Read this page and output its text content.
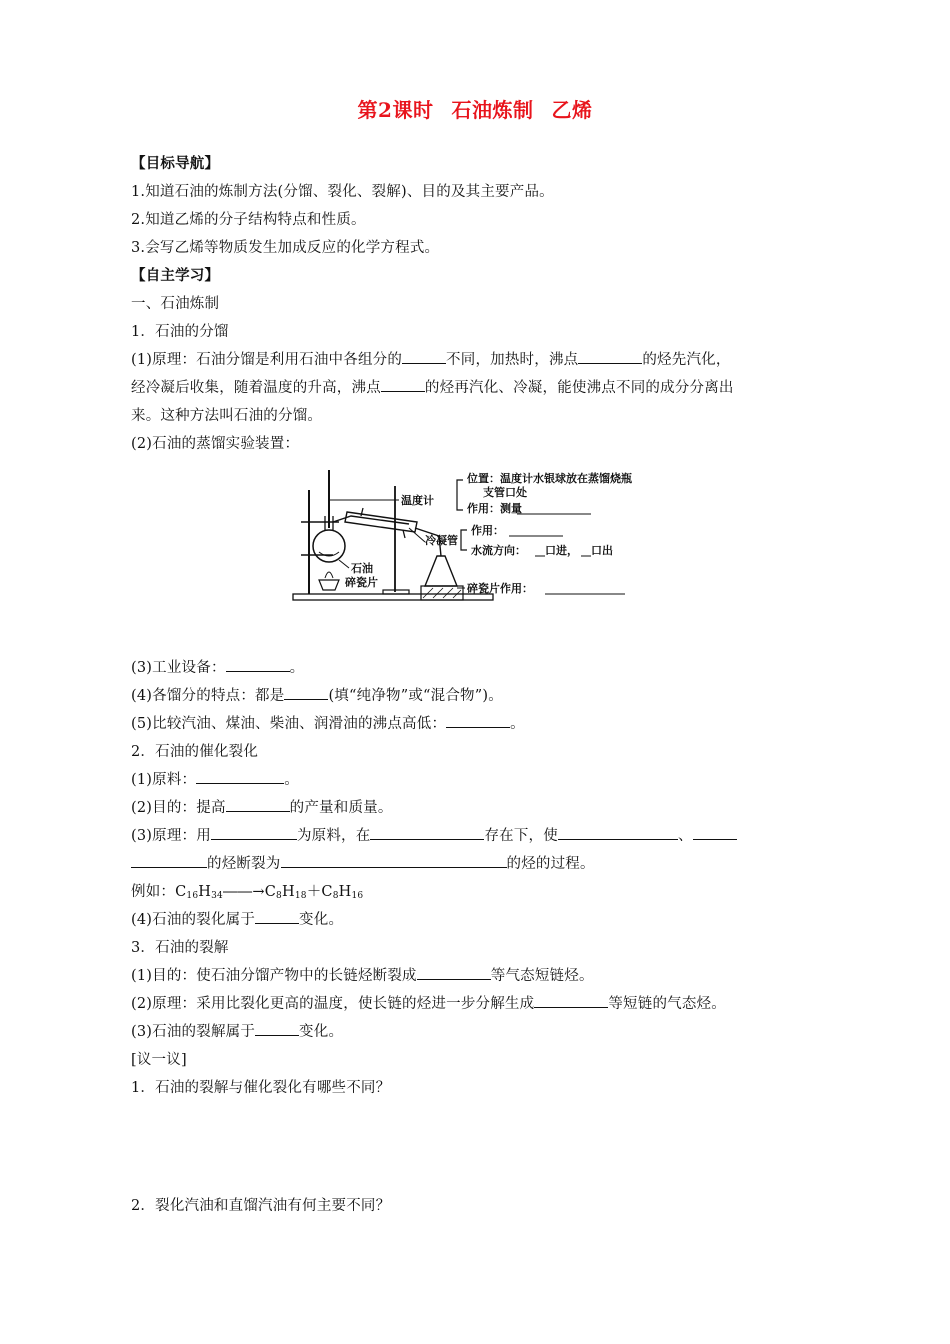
第2课时 石油炼制 乙烯
【目标导航】
1.知道石油的炼制方法(分馏、裂化、裂解)、目的及其主要产品。
2.知道乙烯的分子结构特点和性质。
3.会写乙烯等物质发生加成反应的化学方程式。
【自主学习】
一、石油炼制
1．石油的分馏
(1)原理：石油分馏是利用石油中各组分的	不同，加热时，沸点	的烃先汽化，
经冷凝后收集，随着温度的升高，沸点	的烃再汽化、冷凝，能使沸点不同的成分分离出
来。这种方法叫石油的分馏。
(2)石油的蒸馏实验装置：
温度计
位置：温度计水银球放在蒸馏烧瓶
支管口处
作用：测量
冷凝管
作用：
水流方向： 口进， 口出
石油
碎瓷片	碎瓷片作用：
(3)工业设备：	。
(4)各馏分的特点：都是	(填“纯净物”或“混合物”)。
(5)比较汽油、煤油、柴油、润滑油的沸点高低：	。
2．石油的催化裂化
(1)原料：	。
(2)目的：提高	的产量和质量。
(3)原理：用	为原料，在	存在下，使	、
的烃断裂为	的烃的过程。
例如：$C_{16}H_{34}――\to C_8H_{18}+C_8H_{16}$
(4)石油的裂化属于	变化。
3．石油的裂解
(1)目的：使石油分馏产物中的长链烃断裂成	等气态短链烃。
(2)原理：采用比裂化更高的温度，使长链的烃进一步分解生成	等短链的气态烃。
(3)石油的裂解属于	变化。
[议一议]
1．石油的裂解与催化裂化有哪些不同？
2．裂化汽油和直馏汽油有何主要不同？
